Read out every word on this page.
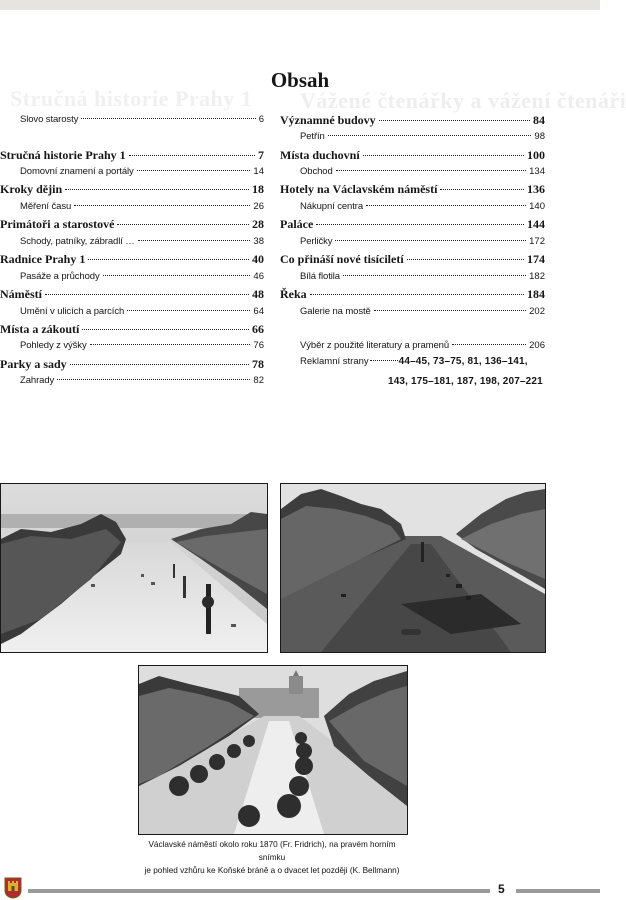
Stručná historie Prahy 1	Vážené čtenářky a vážení čtenáři
Obsah
Slovo starosty	6
Stručná historie Prahy 1	7
Domovní znamení a portály	14
Kroky dějin	18
Měření času	26
Primátoři a starostové	28
Schody, patníky, zábradlí …	38
Radnice Prahy 1	40
Pasáže a průchody	46
Náměstí	48
Umění v ulicích a parcích	64
Místa a zákoutí	66
Pohledy z výšky	76
Parky a sady	78
Zahrady	82
Významné budovy	84
Petřín	98
Místa duchovní	100
Obchod	134
Hotely na Václavském náměstí	136
Nákupní centra	140
Paláce	144
Perličky	172
Co přináší nové tisíciletí	174
Bílá flotila	182
Řeka	184
Galerie na mostě	202
Výběr z použité literatury a pramenů	206
Reklamní strany	44–45, 73–75, 81, 136–141,
143, 175–181, 187, 198, 207–221
Václavské náměstí okolo roku 1870 (Fr. Fridrich), na pravém horním snímku
je pohled vzhůru ke Koňské bráně a o dvacet let později (K. Bellmann)
5
